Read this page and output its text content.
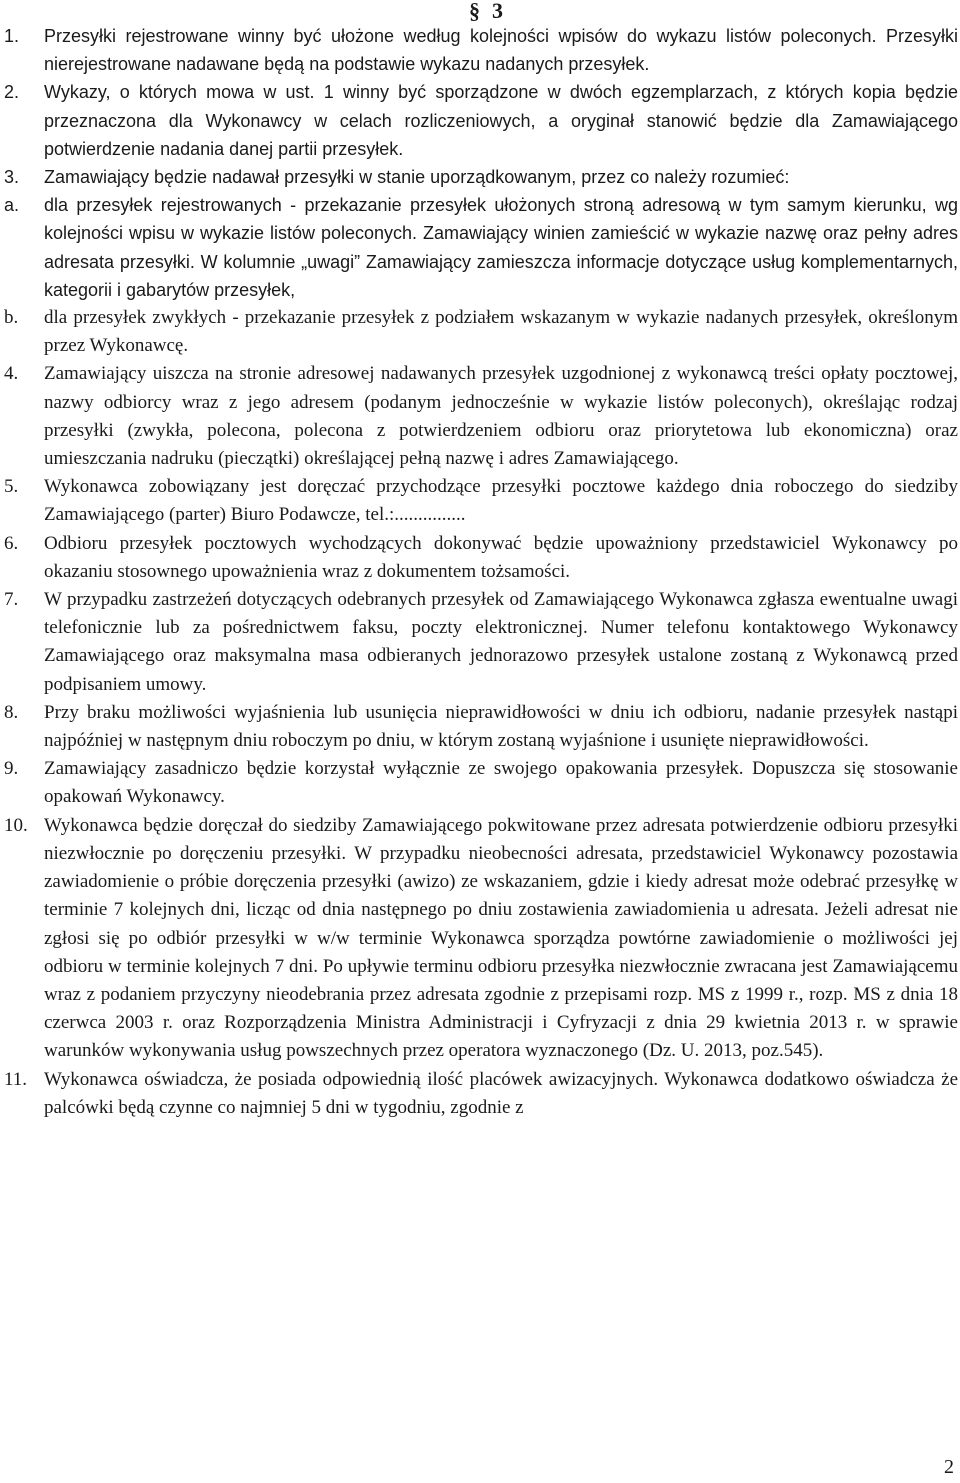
§ 3
1. Przesyłki rejestrowane winny być ułożone według kolejności wpisów do wykazu listów poleconych. Przesyłki nierejestrowane nadawane będą na podstawie wykazu nadanych przesyłek.
2. Wykazy, o których mowa w ust. 1 winny być sporządzone w dwóch egzemplarzach, z których kopia będzie przeznaczona dla Wykonawcy w celach rozliczeniowych, a oryginał stanowić będzie dla Zamawiającego potwierdzenie nadania danej partii przesyłek.
3. Zamawiający będzie nadawał przesyłki w stanie uporządkowanym, przez co należy rozumieć:
a. dla przesyłek rejestrowanych - przekazanie przesyłek ułożonych stroną adresową w tym samym kierunku, wg kolejności wpisu w wykazie listów poleconych. Zamawiający winien zamieścić w wykazie nazwę oraz pełny adres adresata przesyłki. W kolumnie „uwagi” Zamawiający zamieszcza informacje dotyczące usług komplementarnych, kategorii i gabarytów przesyłek,
b. dla przesyłek zwykłych - przekazanie przesyłek z podziałem wskazanym w wykazie nadanych przesyłek, określonym przez Wykonawcę.
4. Zamawiający uiszcza na stronie adresowej nadawanych przesyłek uzgodnionej z wykonawcą treści opłaty pocztowej, nazwy odbiorcy wraz z jego adresem (podanym jednocześnie w wykazie listów poleconych), określając rodzaj przesyłki (zwykła, polecona, polecona z potwierdzeniem odbioru oraz priorytetowa lub ekonomiczna) oraz umieszczania nadruku (pieczątki) określającej pełną nazwę i adres Zamawiającego.
5. Wykonawca zobowiązany jest doręczać przychodzące przesyłki pocztowe każdego dnia roboczego do siedziby Zamawiającego (parter) Biuro Podawcze, tel.:...............
6. Odbioru przesyłek pocztowych wychodzących dokonywać będzie upoważniony przedstawiciel Wykonawcy po okazaniu stosownego upoważnienia wraz z dokumentem tożsamości.
7. W przypadku zastrzeżeń dotyczących odebranych przesyłek od Zamawiającego Wykonawca zgłasza ewentualne uwagi telefonicznie lub za pośrednictwem faksu, poczty elektronicznej. Numer telefonu kontaktowego Wykonawcy Zamawiającego oraz maksymalna masa odbieranych jednorazowo przesyłek ustalone zostaną z Wykonawcą przed podpisaniem umowy.
8. Przy braku możliwości wyjaśnienia lub usunięcia nieprawidłowości w dniu ich odbioru, nadanie przesyłek nastąpi najpóźniej w następnym dniu roboczym po dniu, w którym zostaną wyjaśnione i usunięte nieprawidłowości.
9. Zamawiający zasadniczo będzie korzystał wyłącznie ze swojego opakowania przesyłek. Dopuszcza się stosowanie opakowań Wykonawcy.
10. Wykonawca będzie doręczał do siedziby Zamawiającego pokwitowane przez adresata potwierdzenie odbioru przesyłki niezwłocznie po doręczeniu przesyłki. W przypadku nieobecności adresata, przedstawiciel Wykonawcy pozostawia zawiadomienie o próbie doręczenia przesyłki (awizo) ze wskazaniem, gdzie i kiedy adresat może odebrać przesyłkę w terminie 7 kolejnych dni, licząc od dnia następnego po dniu zostawienia zawiadomienia u adresata. Jeżeli adresat nie zgłosi się po odbiór przesyłki w w/w terminie Wykonawca sporządza powtórne zawiadomienie o możliwości jej odbioru w terminie kolejnych 7 dni. Po upływie terminu odbioru przesyłka niezwłocznie zwracana jest Zamawiającemu wraz z podaniem przyczyny nieodebrania przez adresata zgodnie z przepisami rozp. MS z 1999 r., rozp. MS z dnia 18 czerwca 2003 r. oraz Rozporządzenia Ministra Administracji i Cyfryzacji z dnia 29 kwietnia 2013 r. w sprawie warunków wykonywania usług powszechnych przez operatora wyznaczonego (Dz. U. 2013, poz.545).
11. Wykonawca oświadcza, że posiada odpowiednią ilość placówek awizacyjnych. Wykonawca dodatkowo oświadcza że palcówki będą czynne co najmniej 5 dni w tygodniu, zgodnie z
2
